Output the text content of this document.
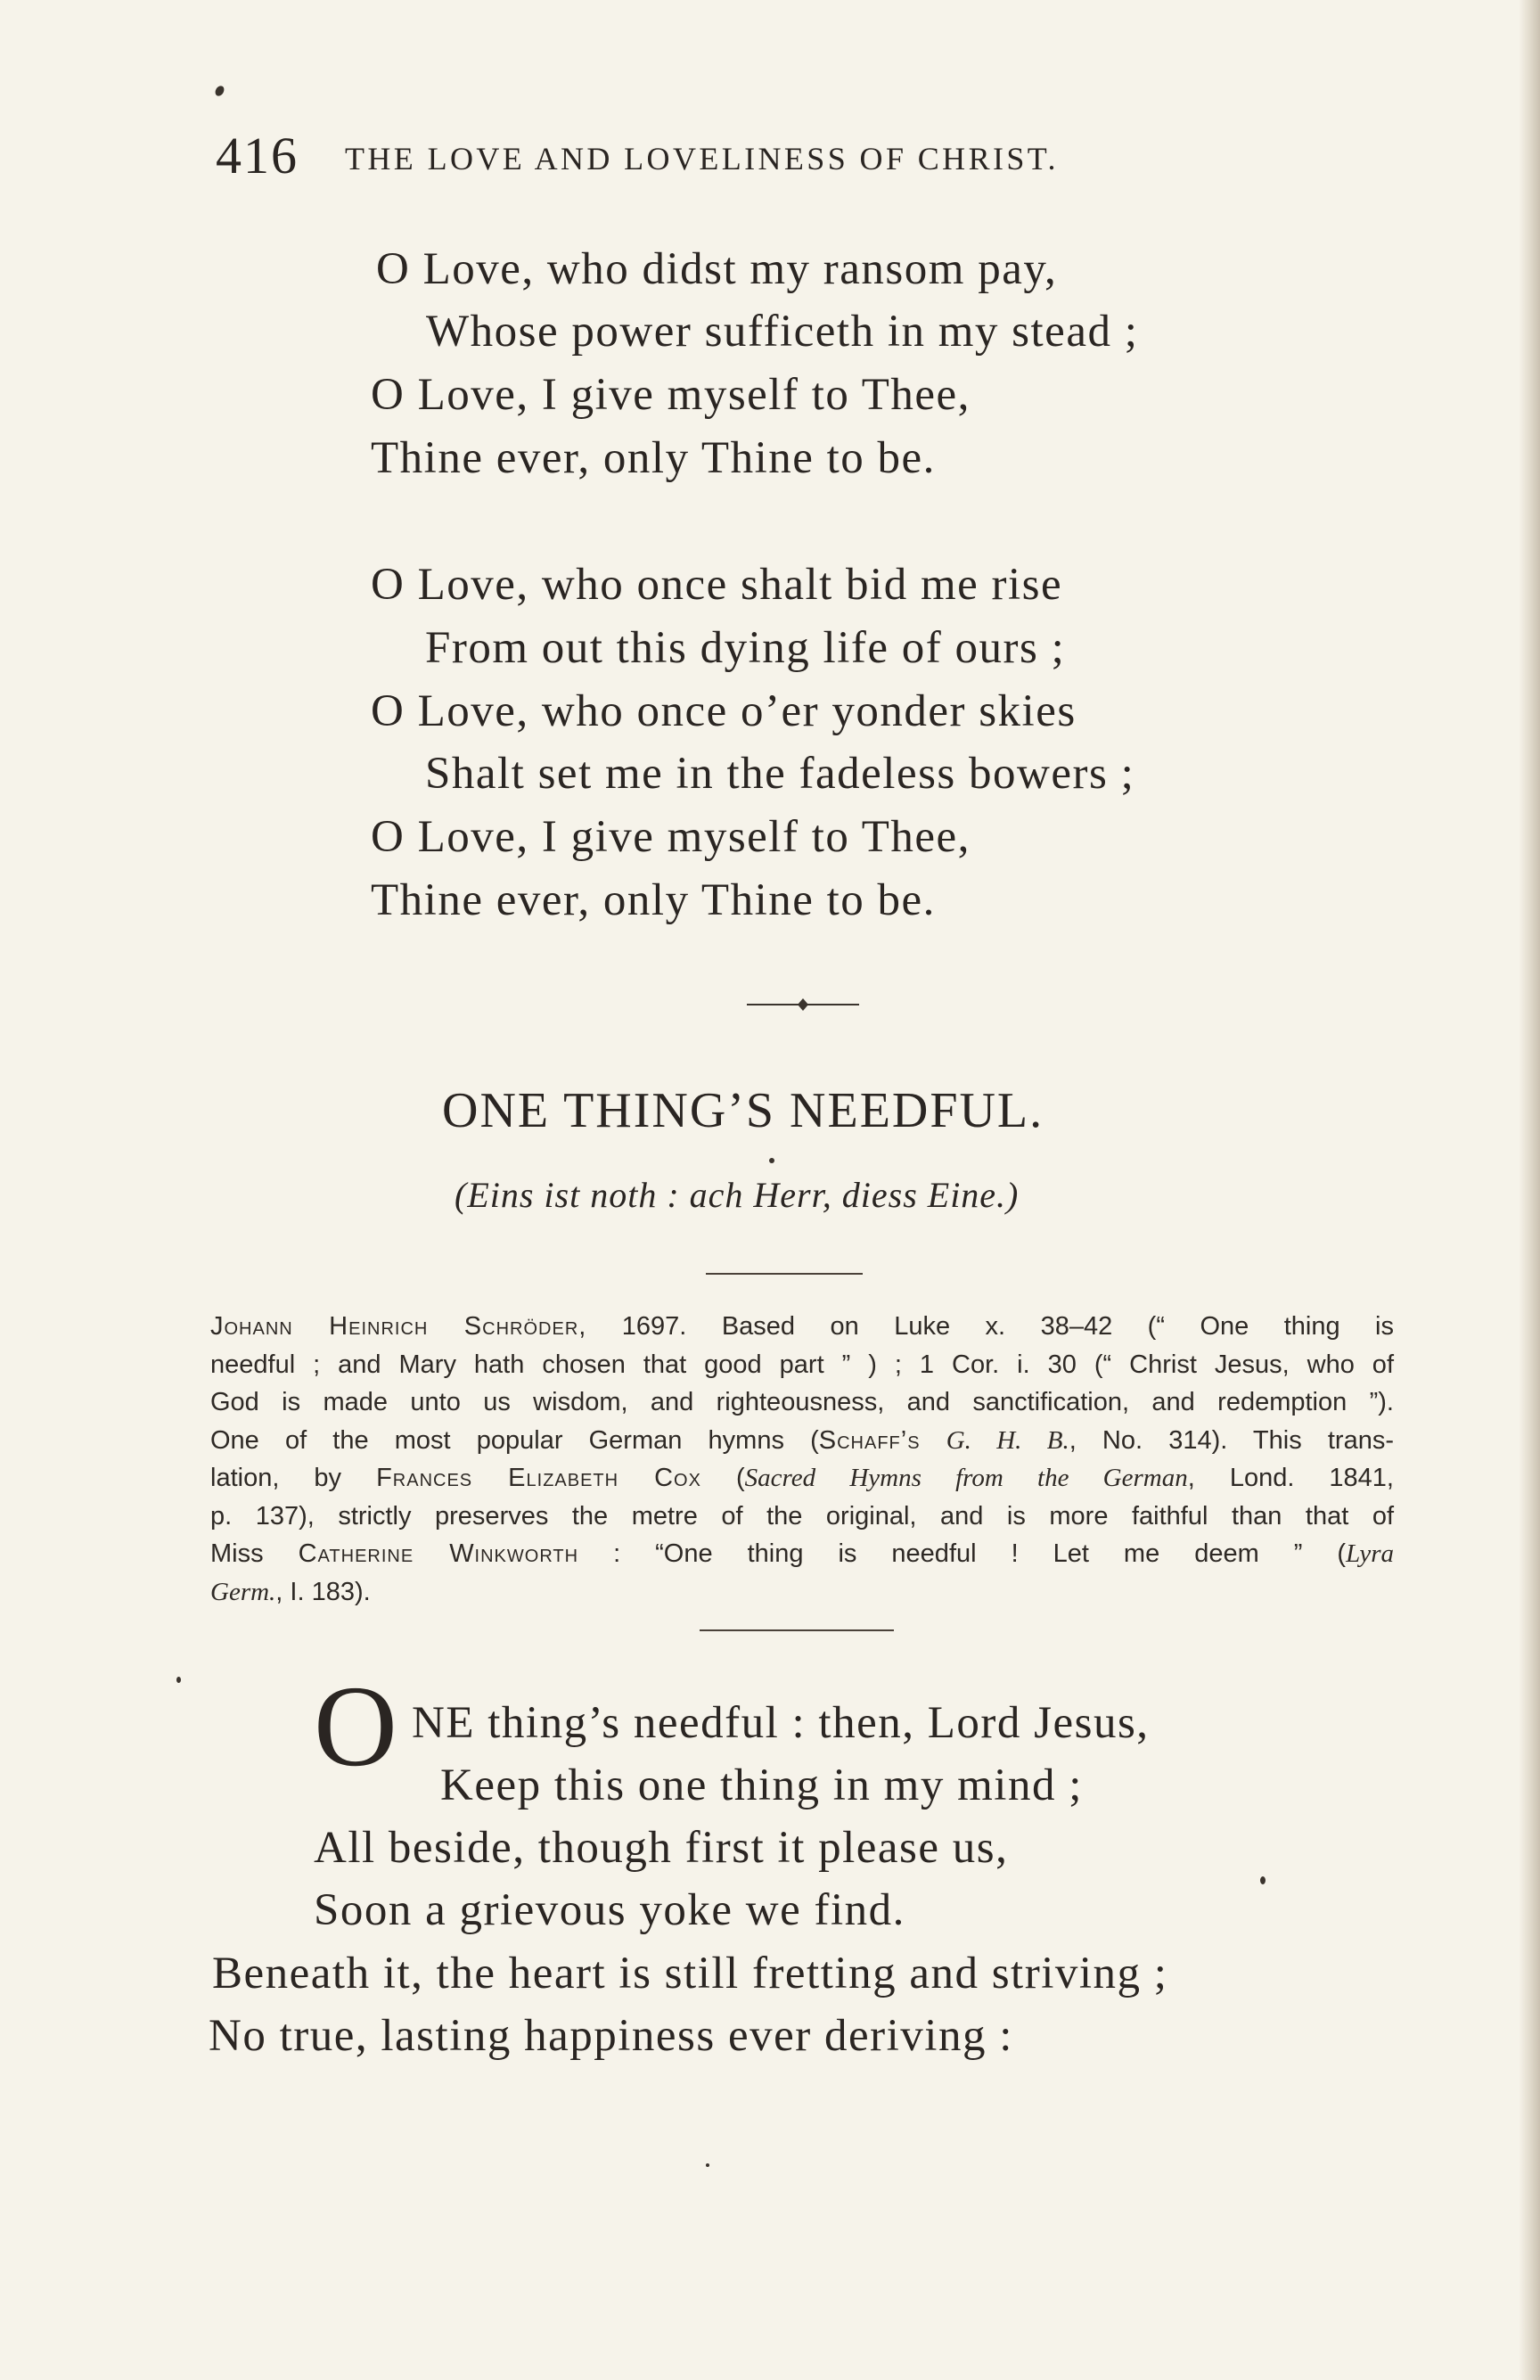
416 THE LOVE AND LOVELINESS OF CHRIST.
O Love, who didst my ransom pay,
Whose power sufficeth in my stead ;
O Love, I give myself to Thee,
Thine ever, only Thine to be.
O Love, who once shalt bid me rise
From out this dying life of ours ;
O Love, who once o’er yonder skies
Shalt set me in the fadeless bowers ;
O Love, I give myself to Thee,
Thine ever, only Thine to be.
ONE THING’S NEEDFUL.
(Eins ist noth : ach Herr, diess Eine.)
Johann Heinrich Schröder, 1697. Based on Luke x. 38–42 (“ One thing is
needful ; and Mary hath chosen that good part ” ) ; 1 Cor. i. 30 (“ Christ Jesus, who of
God is made unto us wisdom, and righteousness, and sanctification, and redemption ”).
One of the most popular German hymns (Schaff’s G. H. B., No. 314). This trans-
lation, by Frances Elizabeth Cox (Sacred Hymns from the German, Lond. 1841,
p. 137), strictly preserves the metre of the original, and is more faithful than that of
Miss Catherine Winkworth : “One thing is needful ! Let me deem ” (Lyra
Germ., I. 183).
O NE thing’s needful : then, Lord Jesus,
Keep this one thing in my mind ;
All beside, though first it please us,
Soon a grievous yoke we find.
Beneath it, the heart is still fretting and striving ;
No true, lasting happiness ever deriving :
